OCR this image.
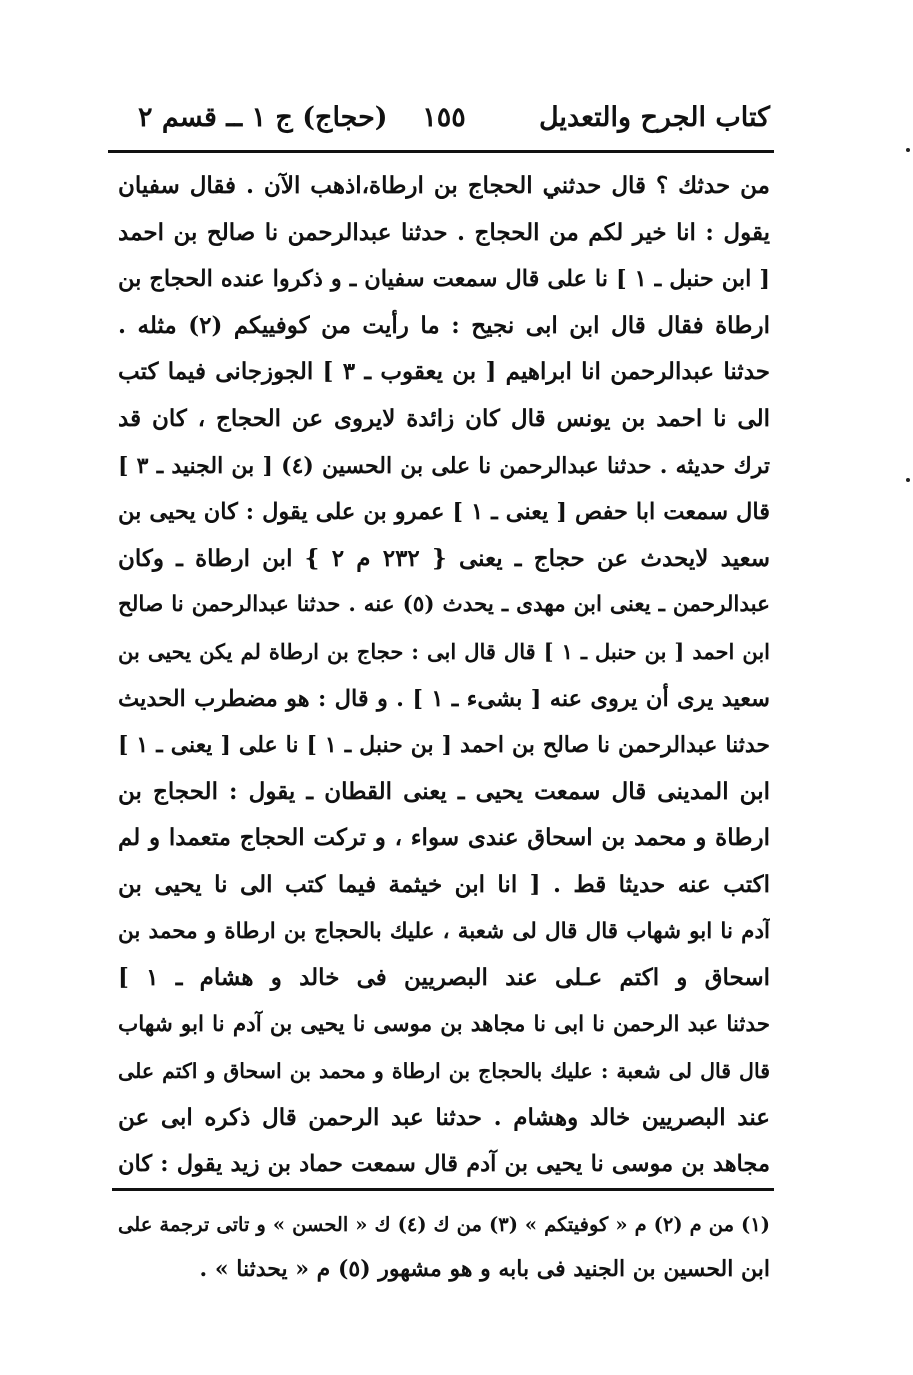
كتاب الجرح والتعديل
١٥٥
(حجاج) ج ١ ــ قسم ٢
من حدثك ؟ قال حدثني الحجاج بن ارطاة،اذهب الآن . فقال سفيان
يقول : انا خير لكم من الحجاج . حدثنا عبدالرحمن نا صالح بن احمد
[ ابن حنبل ـ ١ ] نا على قال سمعت سفيان ـ و ذكروا عنده الحجاج بن
ارطاة فقال قال ابن ابى نجيح : ما رأيت من كوفييكم (٢) مثله .
حدثنا عبدالرحمن انا ابراهيم [ بن يعقوب ـ ٣ ] الجوزجانى فيما كتب
الى نا احمد بن يونس قال كان زائدة لايروى عن الحجاج ، كان قد
ترك حديثه . حدثنا عبدالرحمن نا على بن الحسين (٤) [ بن الجنيد ـ ٣ ]
قال سمعت ابا حفص [ يعنى ـ ١ ] عمرو بن على يقول : كان يحيى بن
سعيد لايحدث عن حجاج ـ يعنى { ٢٣٢ م ٢ } ابن ارطاة ـ وكان
عبدالرحمن ـ يعنى ابن مهدى ـ يحدث (٥) عنه . حدثنا عبدالرحمن نا صالح
ابن احمد [ بن حنبل ـ ١ ] قال قال ابى : حجاج بن ارطاة لم يكن يحيى بن
سعيد يرى أن يروى عنه [ بشىء ـ ١ ] . و قال : هو مضطرب الحديث
حدثنا عبدالرحمن نا صالح بن احمد [ بن حنبل ـ ١ ] نا على [ يعنى ـ ١ ]
ابن المدينى قال سمعت يحيى ـ يعنى القطان ـ يقول : الحجاج بن
ارطاة و محمد بن اسحاق عندى سواء ، و تركت الحجاج متعمدا و لم
اكتب عنه حديثا قط . [ انا ابن خيثمة فيما كتب الى نا يحيى بن
آدم نا ابو شهاب قال قال لى شعبة ، عليك بالحجاج بن ارطاة و محمد بن
اسحاق و اكتم عـلى عند البصريين فى خالد و هشام ـ ١ ]
حدثنا عبد الرحمن نا ابى نا مجاهد بن موسى نا يحيى بن آدم نا ابو شهاب
قال قال لى شعبة : عليك بالحجاج بن ارطاة و محمد بن اسحاق و اكتم على
عند البصريين خالد وهشام . حدثنا عبد الرحمن قال ذكره ابى عن
مجاهد بن موسى نا يحيى بن آدم قال سمعت حماد بن زيد يقول : كان
(١) من م (٢) م « كوفيتكم » (٣) من ك (٤) ك « الحسن » و تاتى ترجمة على
ابن الحسين بن الجنيد فى بابه و هو مشهور (٥) م « يحدثنا » .
